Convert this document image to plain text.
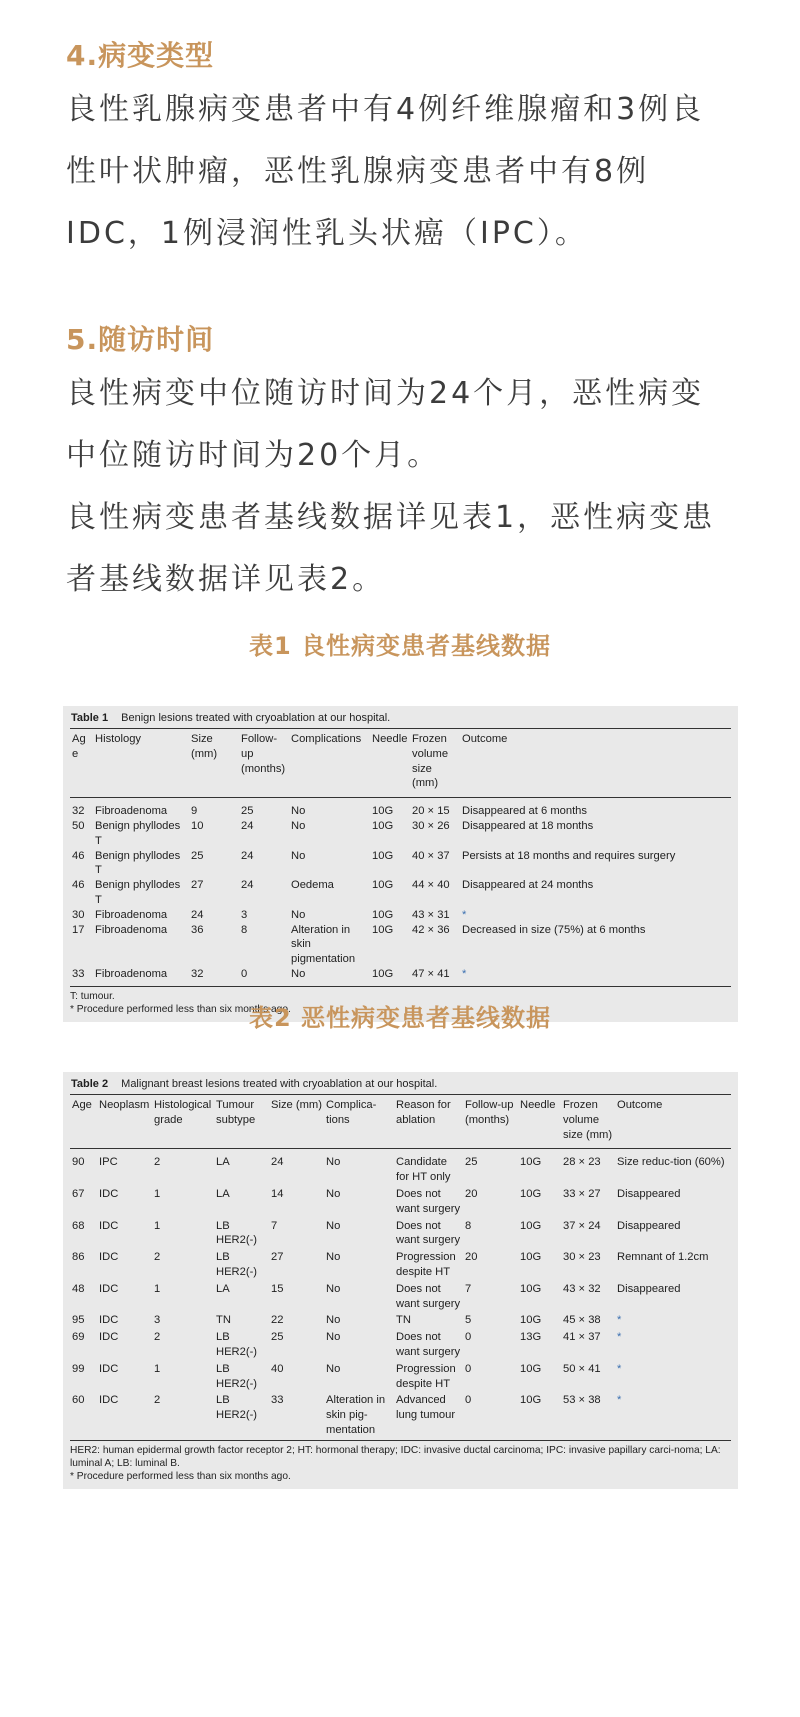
4.病变类型
良性乳腺病变患者中有4例纤维腺瘤和3例良
性叶状肿瘤，恶性乳腺病变患者中有8例
IDC，1例浸润性乳头状癌（IPC）。
5.随访时间
良性病变中位随访时间为24个月，恶性病变
中位随访时间为20个月。
良性病变患者基线数据详见表1，恶性病变患
者基线数据详见表2。
表1 良性病变患者基线数据
Table 1 Benign lesions treated with cryoablation at our hospital.
Age	Histology	Size (mm)	Follow-up (months)	Complications	Needle	Frozen volume size (mm)	Outcome
32	Fibroadenoma	9	25	No	10G	20 × 15	Disappeared at 6 months
50	Benign phyllodes T	10	24	No	10G	30 × 26	Disappeared at 18 months
46	Benign phyllodes T	25	24	No	10G	40 × 37	Persists at 18 months and requires surgery
46	Benign phyllodes T	27	24	Oedema	10G	44 × 40	Disappeared at 24 months
30	Fibroadenoma	24	3	No	10G	43 × 31	*
17	Fibroadenoma	36	8	Alteration in skin pigmentation	10G	42 × 36	Decreased in size (75%) at 6 months
33	Fibroadenoma	32	0	No	10G	47 × 41	*
T: tumour.
* Procedure performed less than six months ago.
表2 恶性病变患者基线数据
Table 2 Malignant breast lesions treated with cryoablation at our hospital.
Age	Neoplasm	Histological grade	Tumour subtype	Size (mm)	Complica-tions	Reason for ablation	Follow-up (months)	Needle	Frozen volume size (mm)	Outcome
90	IPC	2	LA	24	No	Candidate for HT only	25	10G	28 × 23	Size reduc-tion (60%)
67	IDC	1	LA	14	No	Does not want surgery	20	10G	33 × 27	Disappeared
68	IDC	1	LB HER2(-)	7	No	Does not want surgery	8	10G	37 × 24	Disappeared
86	IDC	2	LB HER2(-)	27	No	Progression despite HT	20	10G	30 × 23	Remnant of 1.2cm
48	IDC	1	LA	15	No	Does not want surgery	7	10G	43 × 32	Disappeared
95	IDC	3	TN	22	No	TN	5	10G	45 × 38	*
69	IDC	2	LB HER2(-)	25	No	Does not want surgery	0	13G	41 × 37	*
99	IDC	1	LB HER2(-)	40	No	Progression despite HT	0	10G	50 × 41	*
60	IDC	2	LB HER2(-)	33	Alteration in skin pig-mentation	Advanced lung tumour	0	10G	53 × 38	*
HER2: human epidermal growth factor receptor 2; HT: hormonal therapy; IDC: invasive ductal carcinoma; IPC: invasive papillary carci-noma; LA: luminal A; LB: luminal B.
* Procedure performed less than six months ago.
